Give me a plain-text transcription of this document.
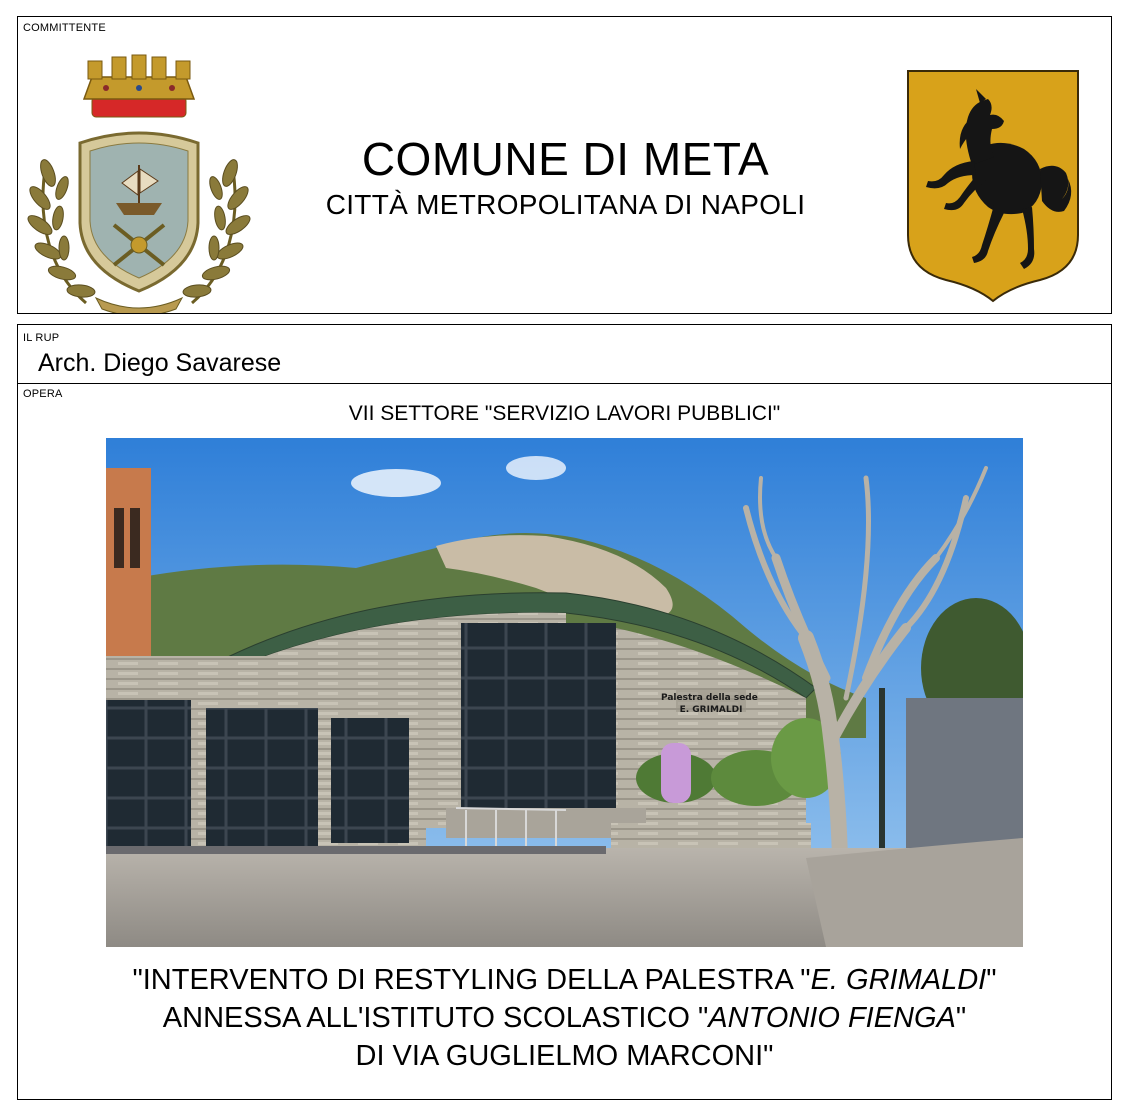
COMMITTENTE
COMUNE DI META
CITTÀ METROPOLITANA DI NAPOLI
IL RUP
Arch. Diego Savarese
OPERA
VII SETTORE "SERVIZIO LAVORI PUBBLICI"
Palestra della sede E. GRIMALDI
"INTERVENTO DI RESTYLING DELLA PALESTRA "E. GRIMALDI"
ANNESSA ALL'ISTITUTO SCOLASTICO "ANTONIO FIENGA"
DI VIA GUGLIELMO MARCONI"
